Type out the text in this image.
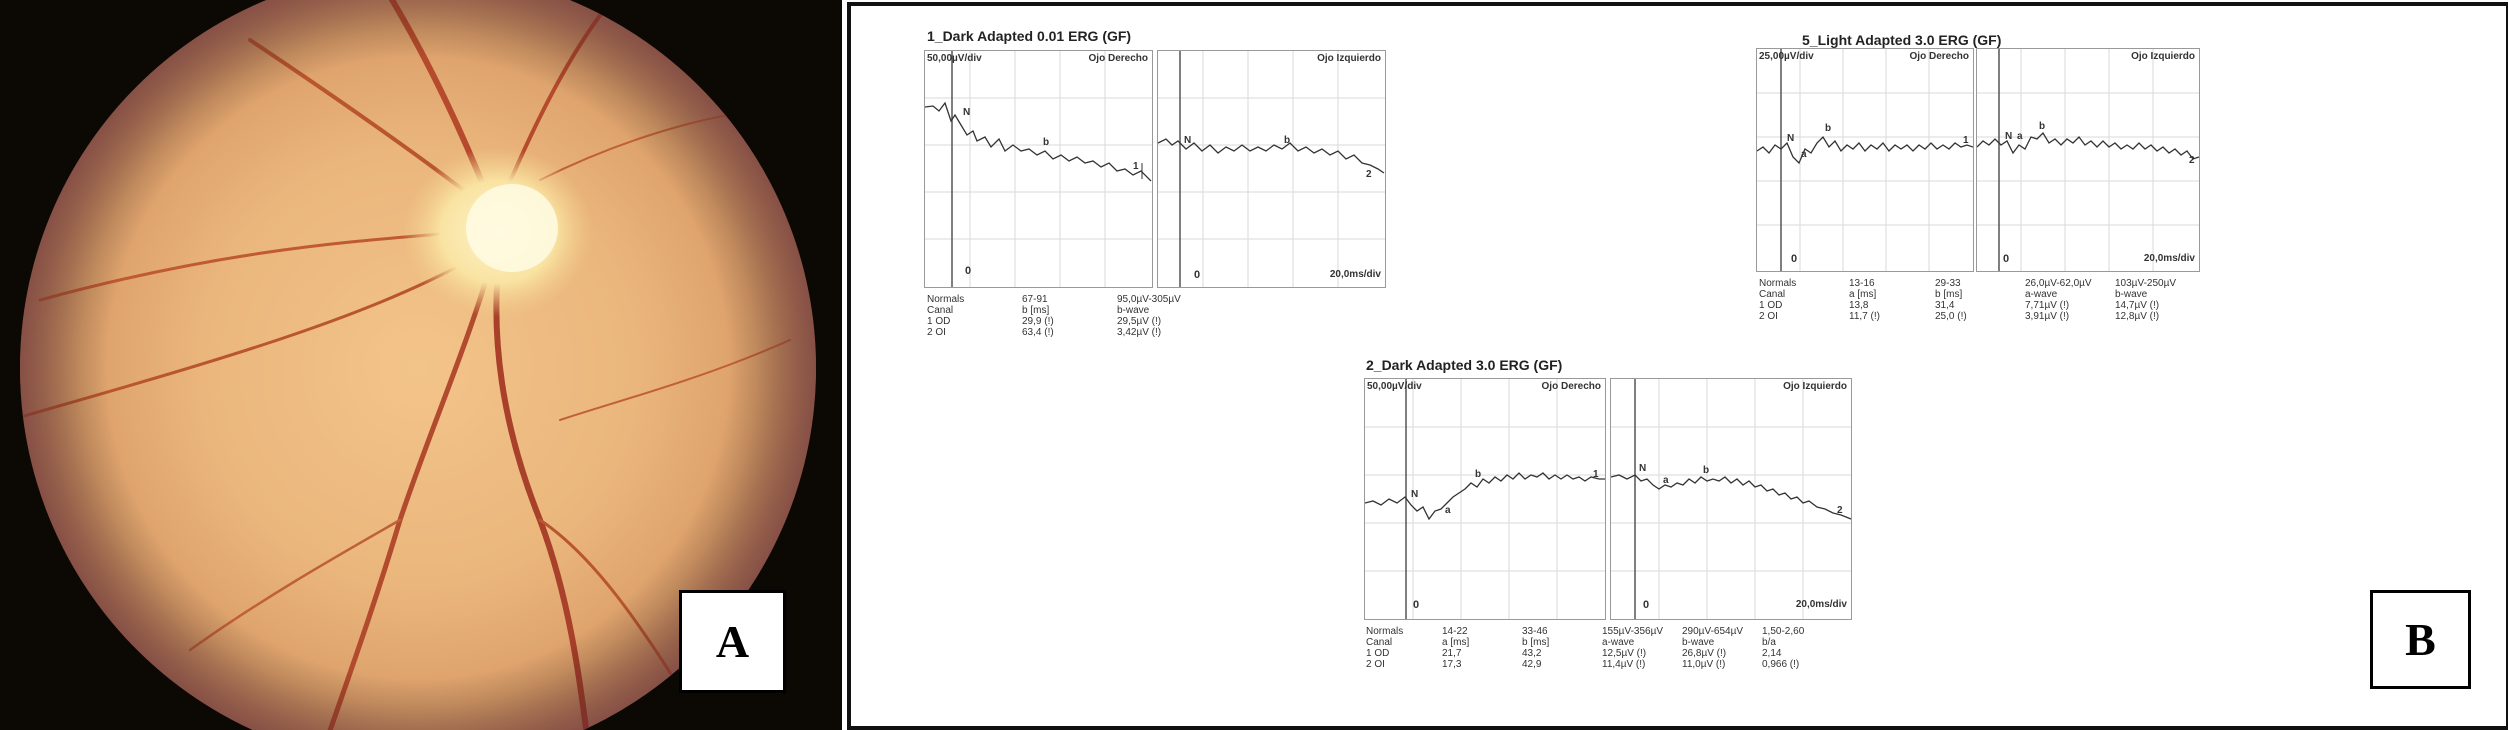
A
1_Dark Adapted 0.01 ERG (GF)
50,00µV/div	Ojo Derecho
N
b
1
0
Ojo Izquierdo
N	b
2
0	20,0ms/div
Normals	67-91	95,0µV-305µV
Canal	b [ms]	b-wave
1 OD	29,9 (!)	29,5µV (!)
2 OI	63,4 (!)	3,42µV (!)
5_Light Adapted 3.0 ERG (GF)
25,00µV/div	Ojo Derecho
N
a
b
1
0
Ojo Izquierdo
N a
b
2
0	20,0ms/div
Normals	13-16	29-33	26,0µV-62,0µV 103µV-250µV
Canal	a [ms]	b [ms]	a-wave	b-wave
1 OD	13,8	31,4	7,71µV (!)	14,7µV (!)
2 OI	11,7 (!)	25,0 (!)	3,91µV (!)	12,8µV (!)
2_Dark Adapted 3.0 ERG (GF)
50,00µV/div	Ojo Derecho
N
a
b	1
0
Ojo Izquierdo
N
a
b
2
0	20,0ms/div
Normals	14-22	33-46	155µV-356µV 290µV-654µV 1,50-2,60
Canal	a [ms]	b [ms]	a-wave	b-wave	b/a
1 OD	21,7	43,2	12,5µV (!)	26,8µV (!)	2,14
2 OI	17,3	42,9	11,4µV (!)	11,0µV (!)	0,966 (!)	B
